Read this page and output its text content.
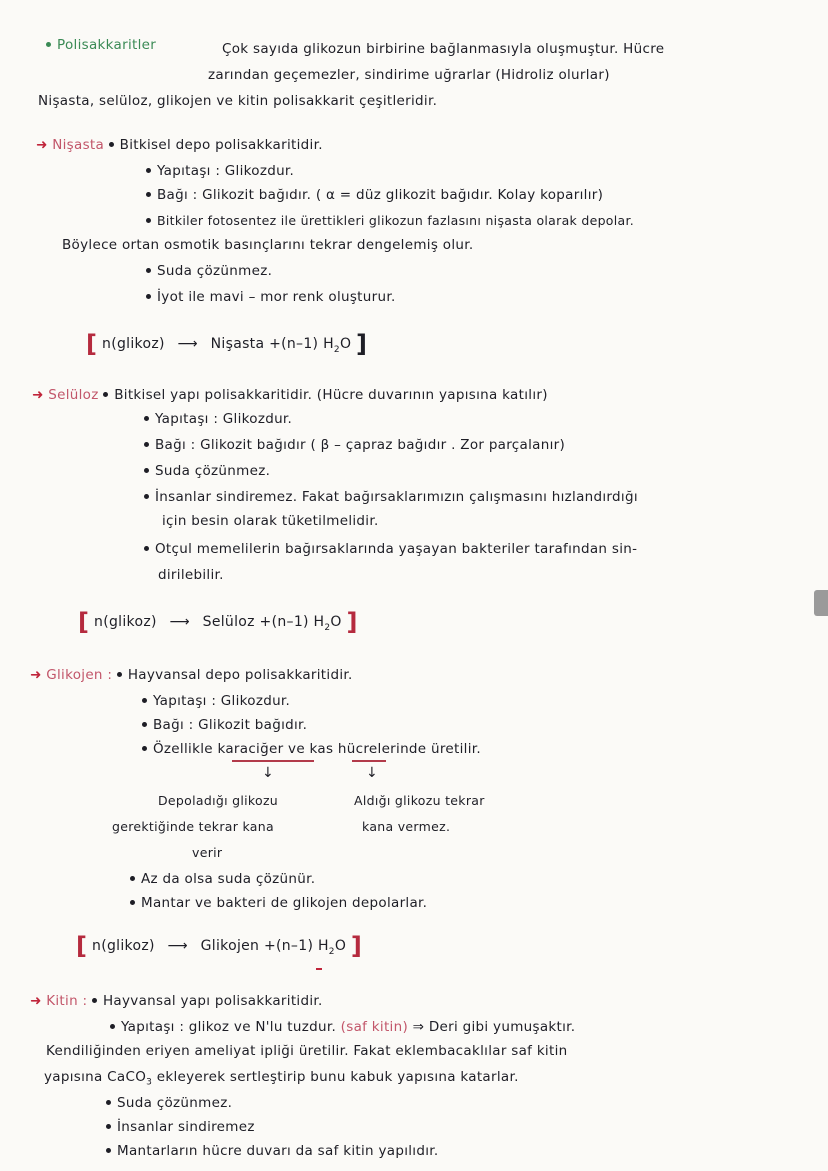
Polisakkaritler	Çok sayıda glikozun birbirine bağlanmasıyla oluşmuştur. Hücre
zarından geçemezler, sindirime uğrarlar (Hidroliz olurlar)
Nişasta, selüloz, glikojen ve kitin polisakkarit çeşitleridir.
➜ Nişasta Bitkisel depo polisakkaritidir.
Yapıtaşı : Glikozdur.
Bağı : Glikozit bağıdır. ( α = düz glikozit bağıdır. Kolay koparılır)
Bitkiler fotosentez ile ürettikleri glikozun fazlasını nişasta olarak depolar.
Böylece ortan osmotik basınçlarını tekrar dengelemiş olur.
Suda çözünmez.
İyot ile mavi – mor renk oluşturur.
[ n(glikoz) ⟶ Nişasta +(n–1) $H_2O$ ]
➜ Selüloz Bitkisel yapı polisakkaritidir. (Hücre duvarının yapısına katılır)
Yapıtaşı : Glikozdur.
Bağı : Glikozit bağıdır ( β – çapraz bağıdır . Zor parçalanır)
Suda çözünmez.
İnsanlar sindiremez. Fakat bağırsaklarımızın çalışmasını hızlandırdığı
için besin olarak tüketilmelidir.
Otçul memelilerin bağırsaklarında yaşayan bakteriler tarafından sin-
dirilebilir.
[ n(glikoz) ⟶ Selüloz +(n–1) $H_2O$ ]
➜ Glikojen : Hayvansal depo polisakkaritidir.
Yapıtaşı : Glikozdur.
Bağı : Glikozit bağıdır.
Özellikle karaciğer ve kas hücrelerinde üretilir.
↓	↓
Depoladığı glikozu
gerektiğinde tekrar kana
verir
Aldığı glikozu tekrar
kana vermez.
Az da olsa suda çözünür.
Mantar ve bakteri de glikojen depolarlar.
[ n(glikoz) ⟶ Glikojen +(n–1) $H_2O$ ]
➜ Kitin : Hayvansal yapı polisakkaritidir.
Yapıtaşı : glikoz ve N'lu tuzdur. (saf kitin) ⇒ Deri gibi yumuşaktır.
Kendiliğinden eriyen ameliyat ipliği üretilir. Fakat eklembacaklılar saf kitin
yapısına CaCO$_3$ ekleyerek sertleştirip bunu kabuk yapısına katarlar.
Suda çözünmez.
İnsanlar sindiremez
Mantarların hücre duvarı da saf kitin yapılıdır.
